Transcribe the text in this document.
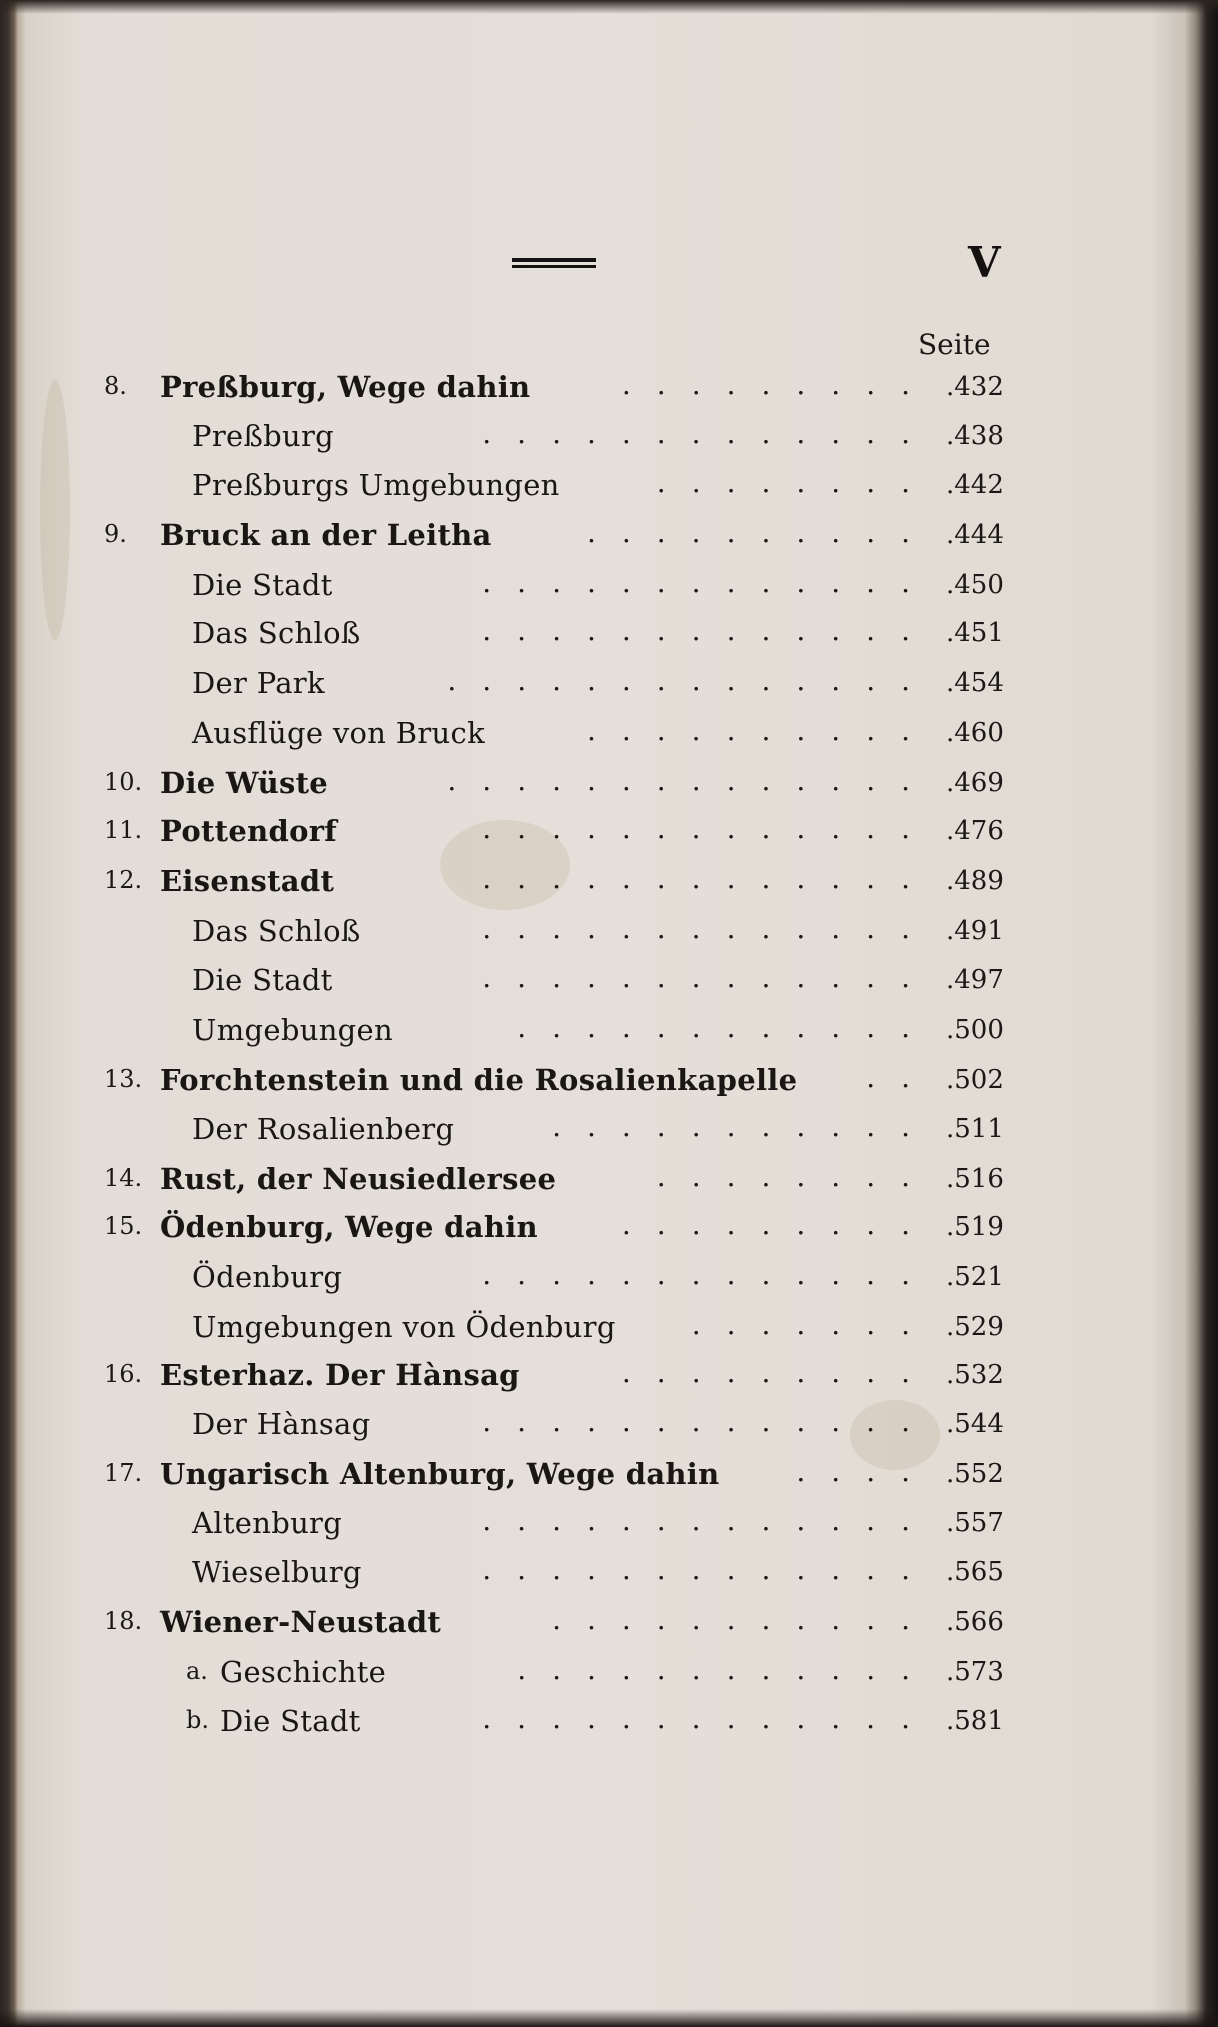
V
Seite
8. Preßburg, Wege dahin	.432
.........
Preßburg	.438
.............
Preßburgs Umgebungen	.442
........
9. Bruck an der Leitha	.444
..........
Die Stadt	.450
.............
Das Schloß	.451
.............
Der Park	.454
..............
Ausflüge von Bruck	.460
..........
10. Die Wüste	.469
..............
11. Pottendorf	.476
.............
12. Eisenstadt	.489
.............
Das Schloß	.491
.............
Die Stadt	.497
.............
Umgebungen	.500
............
13. Forchtenstein und die Rosalienkapelle	.502
..
Der Rosalienberg	.511
...........
14. Rust, der Neusiedlersee	.516
........
15. Ödenburg, Wege dahin	.519
.........
Ödenburg	.521
.............
Umgebungen von Ödenburg	.529
.......
16. Esterhaz. Der Hànsag	.532
.........
Der Hànsag	.544
.............
17. Ungarisch Altenburg, Wege dahin	.552
....
Altenburg	.557
.............
Wieselburg	.565
.............
18. Wiener-Neustadt	.566
...........
a. Geschichte	.573
............
b. Die Stadt	.581
.............
